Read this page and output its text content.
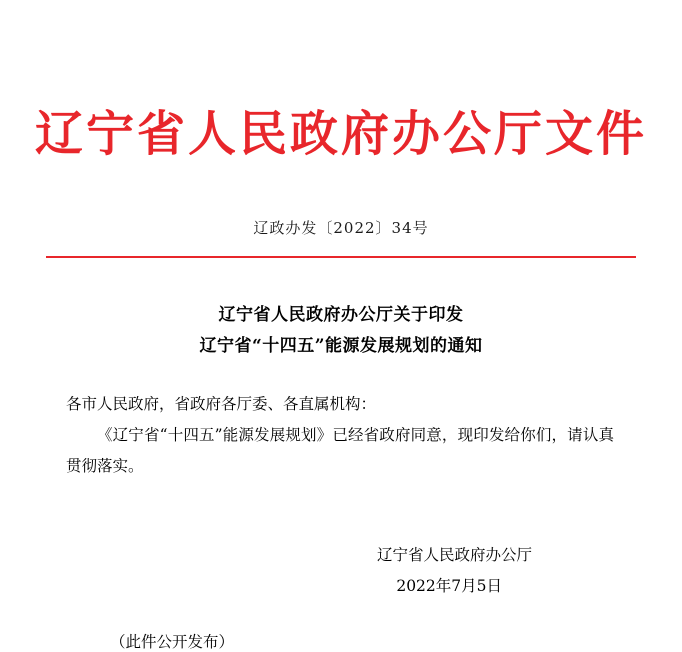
辽宁省人民政府办公厅文件
辽政办发〔2022〕34号
辽宁省人民政府办公厅关于印发
辽宁省“十四五”能源发展规划的通知
各市人民政府，省政府各厅委、各直属机构：
《辽宁省“十四五”能源发展规划》已经省政府同意，现印发给你们，请认真贯彻落实。
辽宁省人民政府办公厅
2022年7月5日
（此件公开发布）
